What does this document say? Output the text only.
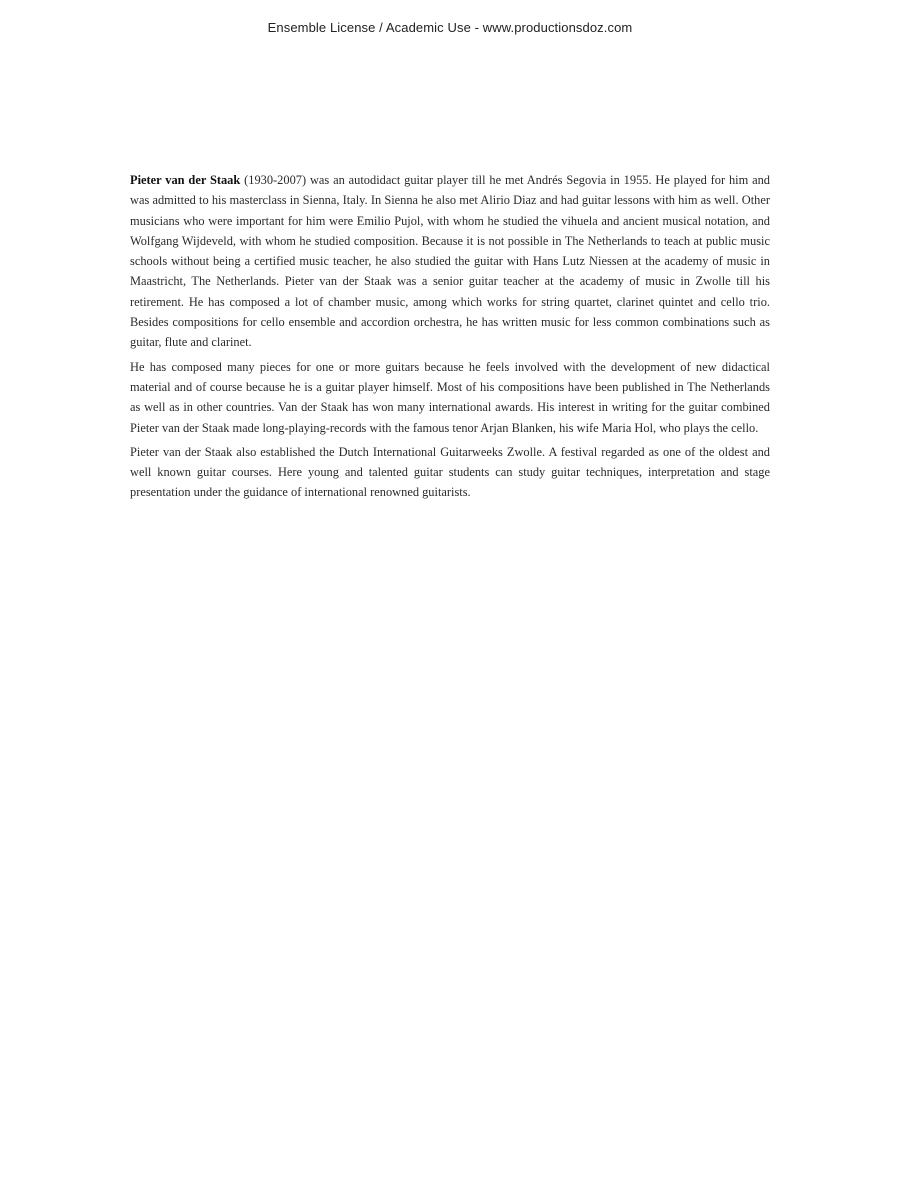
Ensemble License / Academic Use - www.productionsdoz.com

Pieter van der Staak (1930-2007) was an autodidact guitar player till he met Andrés Segovia in 1955. He played for him and was admitted to his masterclass in Sienna, Italy. In Sienna he also met Alirio Diaz and had guitar lessons with him as well. Other musicians who were important for him were Emilio Pujol, with whom he studied the vihuela and ancient musical notation, and Wolfgang Wijdeveld, with whom he studied composition. Because it is not possible in The Netherlands to teach at public music schools without being a certified music teacher, he also studied the guitar with Hans Lutz Niessen at the academy of music in Maastricht, The Netherlands. Pieter van der Staak was a senior guitar teacher at the academy of music in Zwolle till his retirement. He has composed a lot of chamber music, among which works for string quartet, clarinet quintet and cello trio. Besides compositions for cello ensemble and accordion orchestra, he has written music for less common combinations such as guitar, flute and clarinet.

He has composed many pieces for one or more guitars because he feels involved with the development of new didactical material and of course because he is a guitar player himself. Most of his compositions have been published in The Netherlands as well as in other countries. Van der Staak has won many international awards. His interest in writing for the guitar combined Pieter van der Staak made long-playing-records with the famous tenor Arjan Blanken, his wife Maria Hol, who plays the cello.

Pieter van der Staak also established the Dutch International Guitarweeks Zwolle. A festival regarded as one of the oldest and well known guitar courses. Here young and talented guitar students can study guitar techniques, interpretation and stage presentation under the guidance of international renowned guitarists.
